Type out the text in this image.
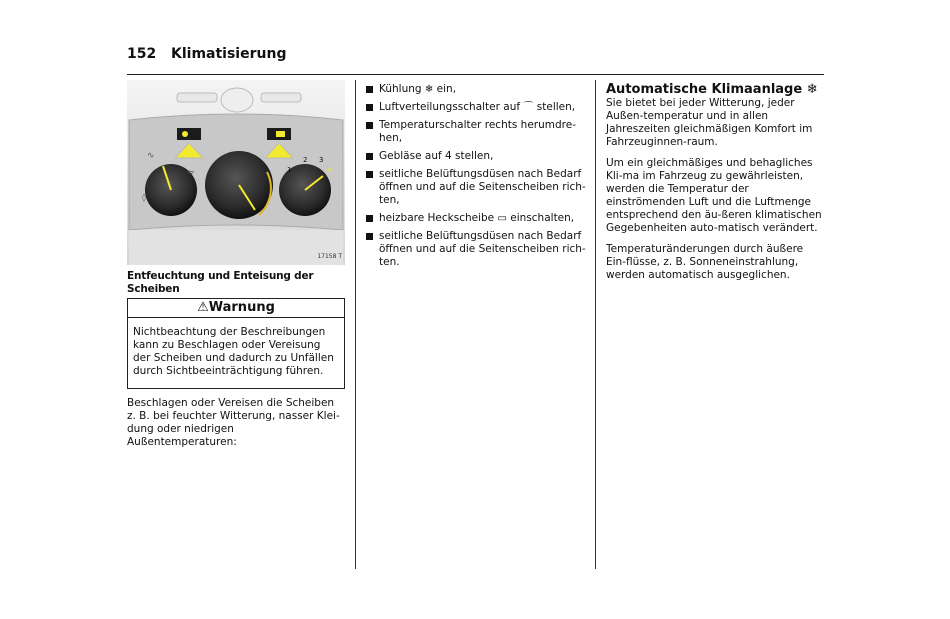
152 Klimatisierung
1
2 3
4
∿
≈
◊
17158 T
Entfeuchtung und Enteisung der Scheiben
⚠Warnung
Nichtbeachtung der Beschreibungen kann zu Beschlagen oder Vereisung der Scheiben und dadurch zu Unfällen durch Sichtbeeinträchtigung führen.
Beschlagen oder Vereisen die Scheiben z. B. bei feuchter Witterung, nasser Klei-dung oder niedrigen Außentemperaturen:
Kühlung ❄ ein,
Luftverteilungsschalter auf ⌒ stellen,
Temperaturschalter rechts herumdre-hen,
Gebläse auf 4 stellen,
seitliche Belüftungsdüsen nach Bedarf öffnen und auf die Seitenscheiben rich-ten,
heizbare Heckscheibe ▭ einschalten,
seitliche Belüftungsdüsen nach Bedarf öffnen und auf die Seitenscheiben rich-ten.
Automatische Klimaanlage ❄

Sie bietet bei jeder Witterung, jeder Außen-temperatur und in allen Jahreszeiten gleichmäßigen Komfort im Fahrzeuginnen-raum.

Um ein gleichmäßiges und behagliches Kli-ma im Fahrzeug zu gewährleisten, werden die Temperatur der einströmenden Luft und die Luftmenge entsprechend den äu-ßeren klimatischen Gegebenheiten auto-matisch verändert.

Temperaturänderungen durch äußere Ein-flüsse, z. B. Sonneneinstrahlung, werden automatisch ausgeglichen.
